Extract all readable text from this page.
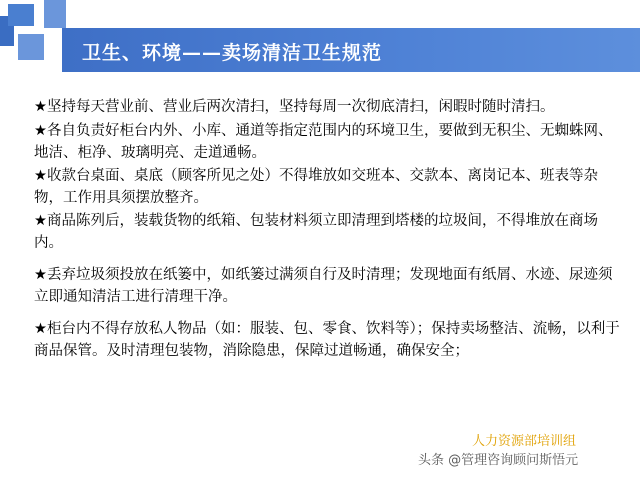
卫生、环境——卖场清洁卫生规范

★坚持每天营业前、营业后两次清扫，坚持每周一次彻底清扫，闲暇时随时清扫。

★各自负责好柜台内外、小库、通道等指定范围内的环境卫生，要做到无积尘、无蜘蛛网、地洁、柜净、玻璃明亮、走道通畅。

★收款台桌面、桌底（顾客所见之处）不得堆放如交班本、交款本、离岗记本、班表等杂物，工作用具须摆放整齐。

★商品陈列后，装载货物的纸箱、包装材料须立即清理到塔楼的垃圾间，不得堆放在商场内。

★丢弃垃圾须投放在纸篓中，如纸篓过满须自行及时清理；发现地面有纸屑、水迹、尿迹须立即通知清洁工进行清理干净。

★柜台内不得存放私人物品（如：服装、包、零食、饮料等）；保持卖场整洁、流畅，以利于商品保管。及时清理包装物，消除隐患，保障过道畅通，确保安全；

人力资源部培训组
头条 @管理咨询顾问斯悟元
